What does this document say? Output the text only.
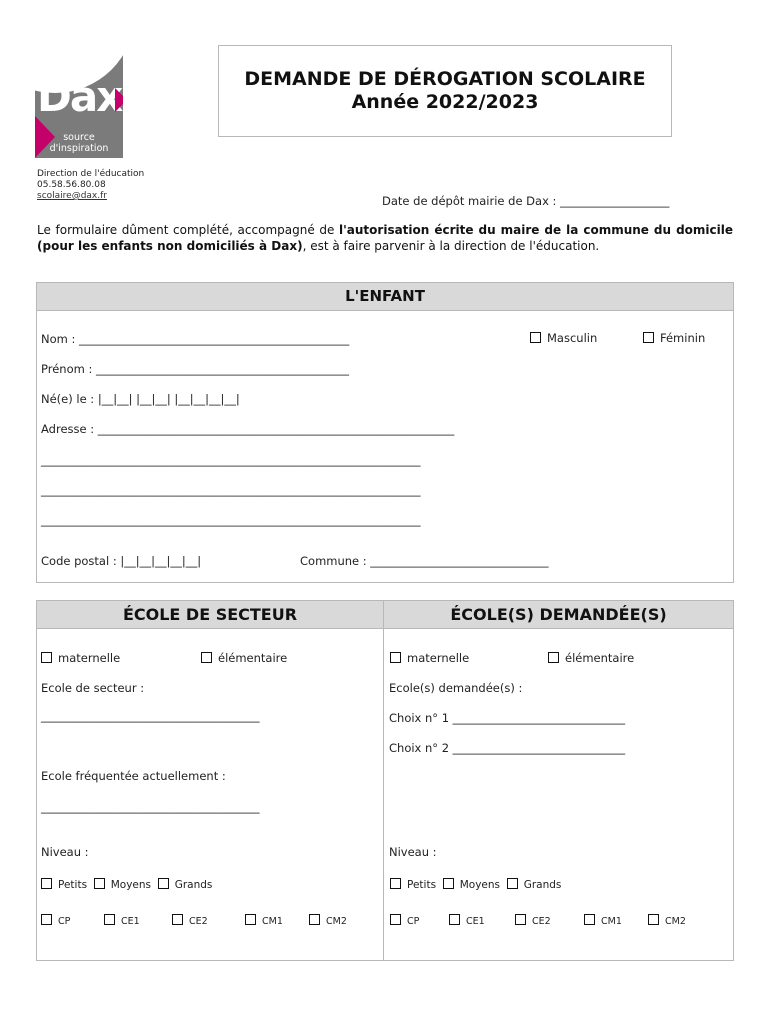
Dax
source
d'inspiration
DEMANDE DE DÉROGATION SCOLAIRE
Année 2022/2023
Direction de l'éducation
05.58.56.80.08
scolaire@dax.fr	Date de dépôt mairie de Dax : ___________________
Le formulaire dûment complété, accompagné de l'autorisation écrite du maire de la commune du domicile (pour les enfants non domiciliés à Dax), est à faire parvenir à la direction de l'éducation.
L'ENFANT
Nom : _______________________________________________	Masculin	Féminin
Prénom : ____________________________________________
Né(e) le : |__|__| |__|__| |__|__|__|__|
Adresse : ______________________________________________________________
__________________________________________________________________
__________________________________________________________________
__________________________________________________________________
Code postal : |__|__|__|__|__|	Commune : _______________________________
ÉCOLE DE SECTEUR	ÉCOLE(S) DEMANDÉE(S)
maternelle	élémentaire
Ecole de secteur :
______________________________________
Ecole fréquentée actuellement :
______________________________________
Niveau :
Petits Moyens Grands
CP	CE1	CE2	CM1	CM2
maternelle	élémentaire
Ecole(s) demandée(s) :
Choix n° 1 ______________________________
Choix n° 2 ______________________________
Niveau :
Petits Moyens Grands
CP	CE1	CE2	CM1	CM2
